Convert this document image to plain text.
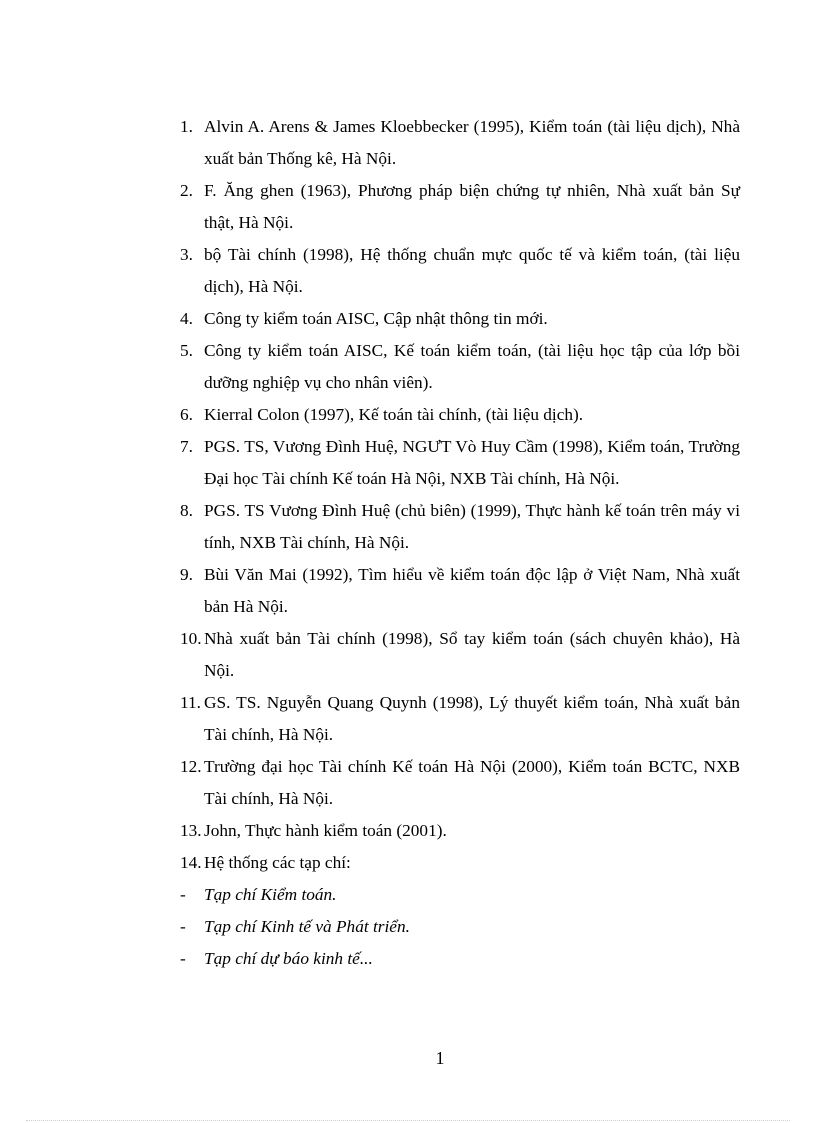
1. Alvin A. Arens & James Kloebbecker (1995), Kiểm toán (tài liệu dịch), Nhà xuất bản Thống kê, Hà Nội.
2. F. Ăng ghen (1963), Phương pháp biện chứng tự nhiên, Nhà xuất bản Sự thật, Hà Nội.
3. bộ Tài chính (1998), Hệ thống chuẩn mực quốc tế và kiểm toán, (tài liệu dịch), Hà Nội.
4. Công ty kiểm toán AISC, Cập nhật thông tin mới.
5. Công ty kiểm toán AISC, Kế toán kiểm toán, (tài liệu học tập của lớp bồi dưỡng nghiệp vụ cho nhân viên).
6. Kierral Colon (1997), Kế toán tài chính, (tài liệu dịch).
7. PGS. TS, Vương Đình Huệ, NGƯT Vò Huy Cầm (1998), Kiểm toán, Trường Đại học Tài chính Kế toán Hà Nội, NXB Tài chính, Hà Nội.
8. PGS. TS Vương Đình Huệ (chủ biên) (1999), Thực hành kế toán trên máy vi tính, NXB Tài chính, Hà Nội.
9. Bùi Văn Mai (1992), Tìm hiểu về kiểm toán độc lập ở Việt Nam, Nhà xuất bản Hà Nội.
10. Nhà xuất bản Tài chính (1998), Sổ tay kiểm toán (sách chuyên khảo), Hà Nội.
11. GS. TS. Nguyễn Quang Quynh (1998), Lý thuyết kiểm toán, Nhà xuất bản Tài chính, Hà Nội.
12. Trường đại học Tài chính Kế toán Hà Nội (2000), Kiểm toán BCTC, NXB Tài chính, Hà Nội.
13. John, Thực hành kiểm toán (2001).
14. Hệ thống các tạp chí:
- Tạp chí Kiểm toán.
- Tạp chí Kinh tế và Phát triển.
- Tạp chí dự báo kinh tế...
1
